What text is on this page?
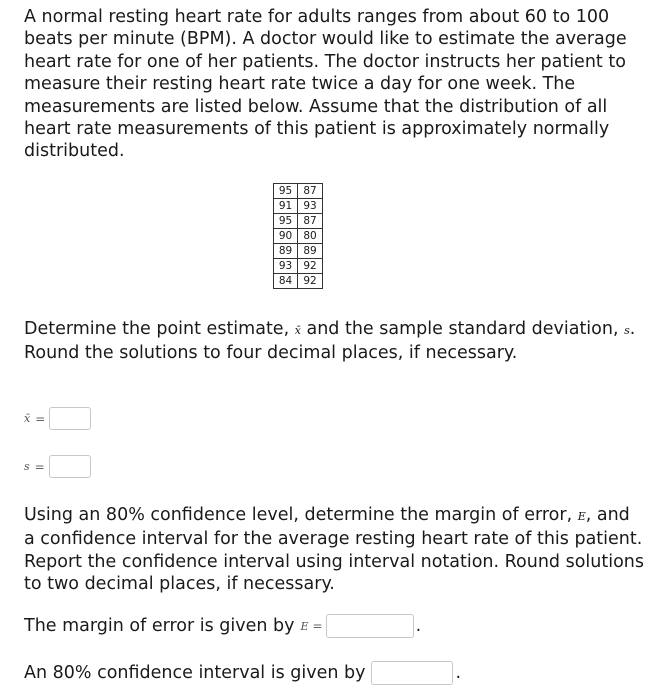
A normal resting heart rate for adults ranges from about 60 to 100 beats per minute (BPM). A doctor would like to estimate the average heart rate for one of her patients. The doctor instructs her patient to measure their resting heart rate twice a day for one week. The measurements are listed below. Assume that the distribution of all heart rate measurements of this patient is approximately normally distributed.

95	87
91	93
95	87
90	80
89	89
93	92
84	92

Determine the point estimate, x̄ and the sample standard deviation, s. Round the solutions to four decimal places, if necessary.

x̄ =
s =

Using an 80% confidence level, determine the margin of error, E, and a confidence interval for the average resting heart rate of this patient. Report the confidence interval using interval notation. Round solutions to two decimal places, if necessary.

The margin of error is given by E =	.
An 80% confidence interval is given by	.
